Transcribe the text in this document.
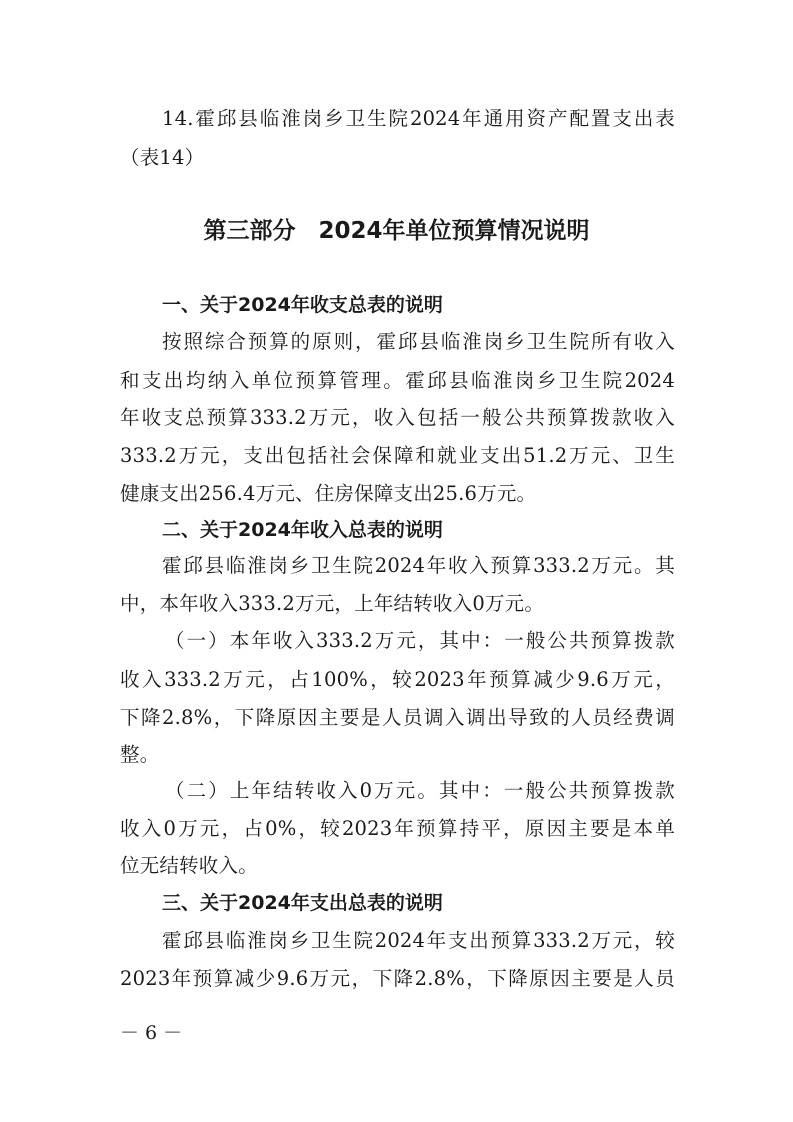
14.霍邱县临淮岗乡卫生院2024年通用资产配置支出表
（表14）
第三部分　2024年单位预算情况说明
一、关于2024年收支总表的说明
按照综合预算的原则，霍邱县临淮岗乡卫生院所有收入
和支出均纳入单位预算管理。霍邱县临淮岗乡卫生院2024
年收支总预算333.2万元，收入包括一般公共预算拨款收入
333.2万元，支出包括社会保障和就业支出51.2万元、卫生
健康支出256.4万元、住房保障支出25.6万元。
二、关于2024年收入总表的说明
霍邱县临淮岗乡卫生院2024年收入预算333.2万元。其
中，本年收入333.2万元，上年结转收入0万元。
（一）本年收入333.2万元，其中：一般公共预算拨款
收入333.2万元，占100%，较2023年预算减少9.6万元，
下降2.8%，下降原因主要是人员调入调出导致的人员经费调
整。
（二）上年结转收入0万元。其中：一般公共预算拨款
收入0万元，占0%，较2023年预算持平，原因主要是本单
位无结转收入。
三、关于2024年支出总表的说明
霍邱县临淮岗乡卫生院2024年支出预算333.2万元，较
2023年预算减少9.6万元，下降2.8%，下降原因主要是人员
－ 6 －
